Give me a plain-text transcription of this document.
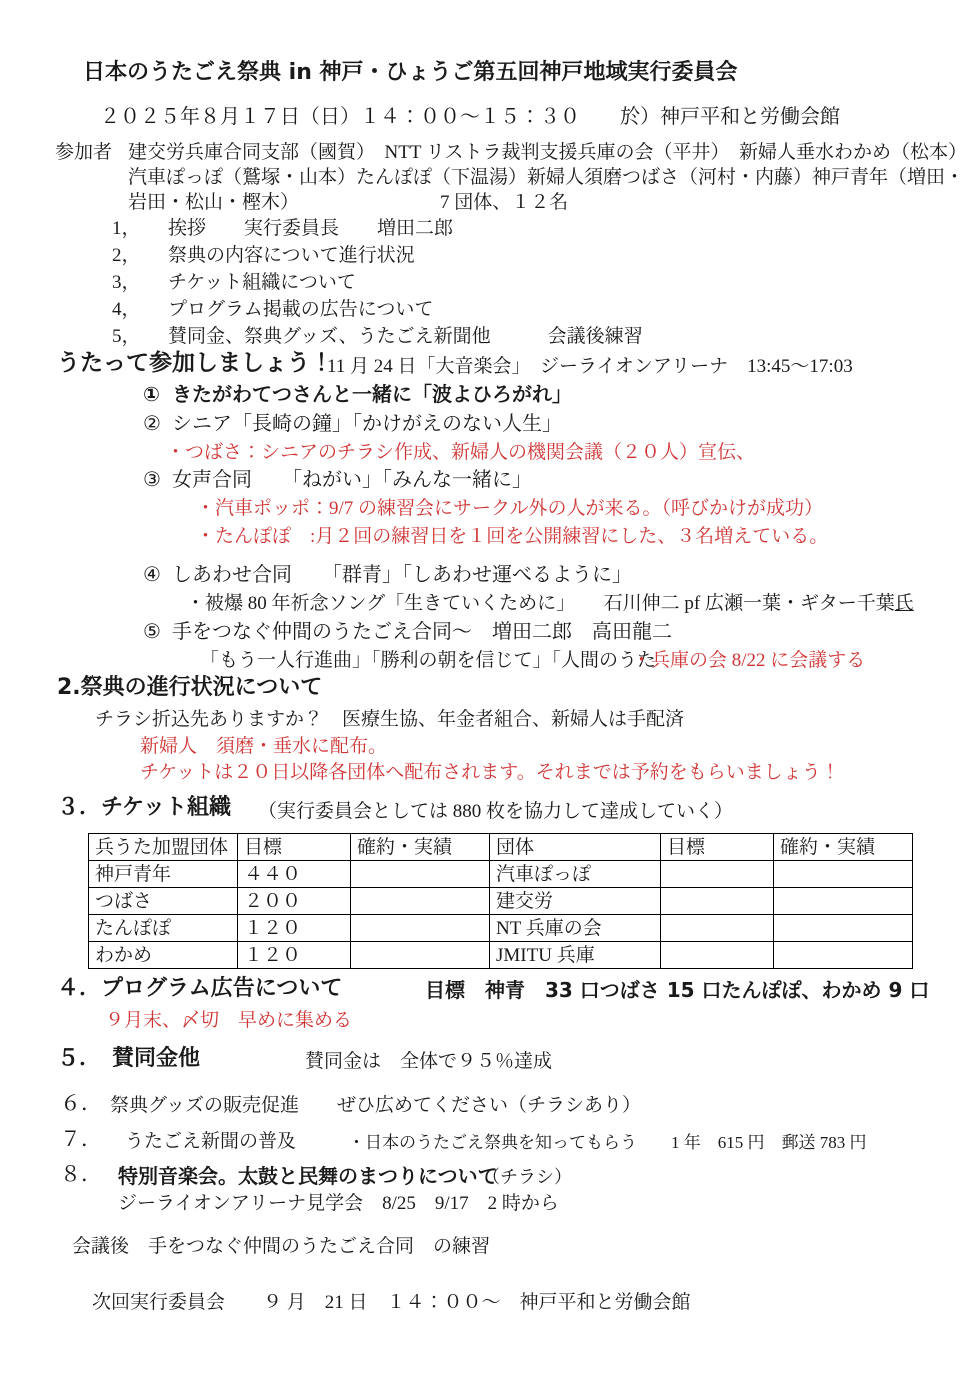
日本のうたごえ祭典 in 神戸・ひょうご第五回神戸地域実行委員会
２０２５年８月１７日（日）１４：００～１５：３０　　於）神戸平和と労働会館
参加者 建交労兵庫合同支部（國賀）　NTT リストラ裁判支援兵庫の会（平井）　新婦人垂水わかめ（松本）
汽車ぽっぽ（鷲塚・山本）たんぽぽ（下温湯）新婦人須磨つばさ（河村・内藤）神戸青年（増田・
岩田・松山・樫木）	7 団体、１２名
1， 挨拶　　実行委員長　　増田二郎
2， 祭典の内容について進行状況
3， チケット組織について
4， プログラム掲載の広告について
5， 賛同金、祭典グッズ、うたごえ新聞他　　　会議後練習
うたって参加しましょう！
11 月 24 日「大音楽会」　ジーライオンアリーナ　13:45～17:03
① きたがわてつさんと一緒に「波よひろがれ」
② シニア「長崎の鐘」「かけがえのない人生」
・つばさ：シニアのチラシ作成、新婦人の機関会議（２０人）宣伝、
③ 女声合同　　「ねがい」「みんな一緒に」
・汽車ポッポ：9/7 の練習会にサークル外の人が来る。（呼びかけが成功）
・たんぽぽ　:月２回の練習日を１回を公開練習にした、３名増えている。
④ しあわせ合同　　「群青」「しあわせ運べるように」
・被爆 80 年祈念ソング「生きていくために」　　石川伸二 pf 広瀬一葉・ギター千葉氏
⑤ 手をつなぐ仲間のうたごえ合同～　増田二郎　高田龍二
「もう一人行進曲」「勝利の朝を信じて」「人間のうた
・兵庫の会 8/22 に会議する
2.祭典の進行状況について
チラシ折込先ありますか？　医療生協、年金者組合、新婦人は手配済
新婦人　須磨・垂水に配布。
チケットは２０日以降各団体へ配布されます。それまでは予約をもらいましょう！
３．チケット組織 （実行委員会としては 880 枚を協力して達成していく）
兵うた加盟団体	目標	確約・実績	団体	目標	確約・実績
神戸青年	４４０		汽車ぽっぽ		
つばさ	２００		建交労		
たんぽぽ	１２０		NT 兵庫の会		
わかめ	１２０		JMITU 兵庫		
４．プログラム広告について	目標　神青　33 口つばさ 15 口たんぽぽ、わかめ 9 口
９月末、〆切　早めに集める
５．　賛同金他	賛同金は　全体で９５％達成
６． 祭典グッズの販売促進　　ぜひ広めてください（チラシあり）
７． うたごえ新聞の普及	・日本のうたごえ祭典を知ってもらう　　1 年　615 円　郵送 783 円
８． 特別音楽会。太鼓と民舞のまつりについて
（チラシ）
ジーライオンアリーナ見学会　8/25　9/17　2 時から
会議後　手をつなぐ仲間のうたごえ合同　の練習
次回実行委員会　　９ 月　21 日　１４：００～　神戸平和と労働会館
